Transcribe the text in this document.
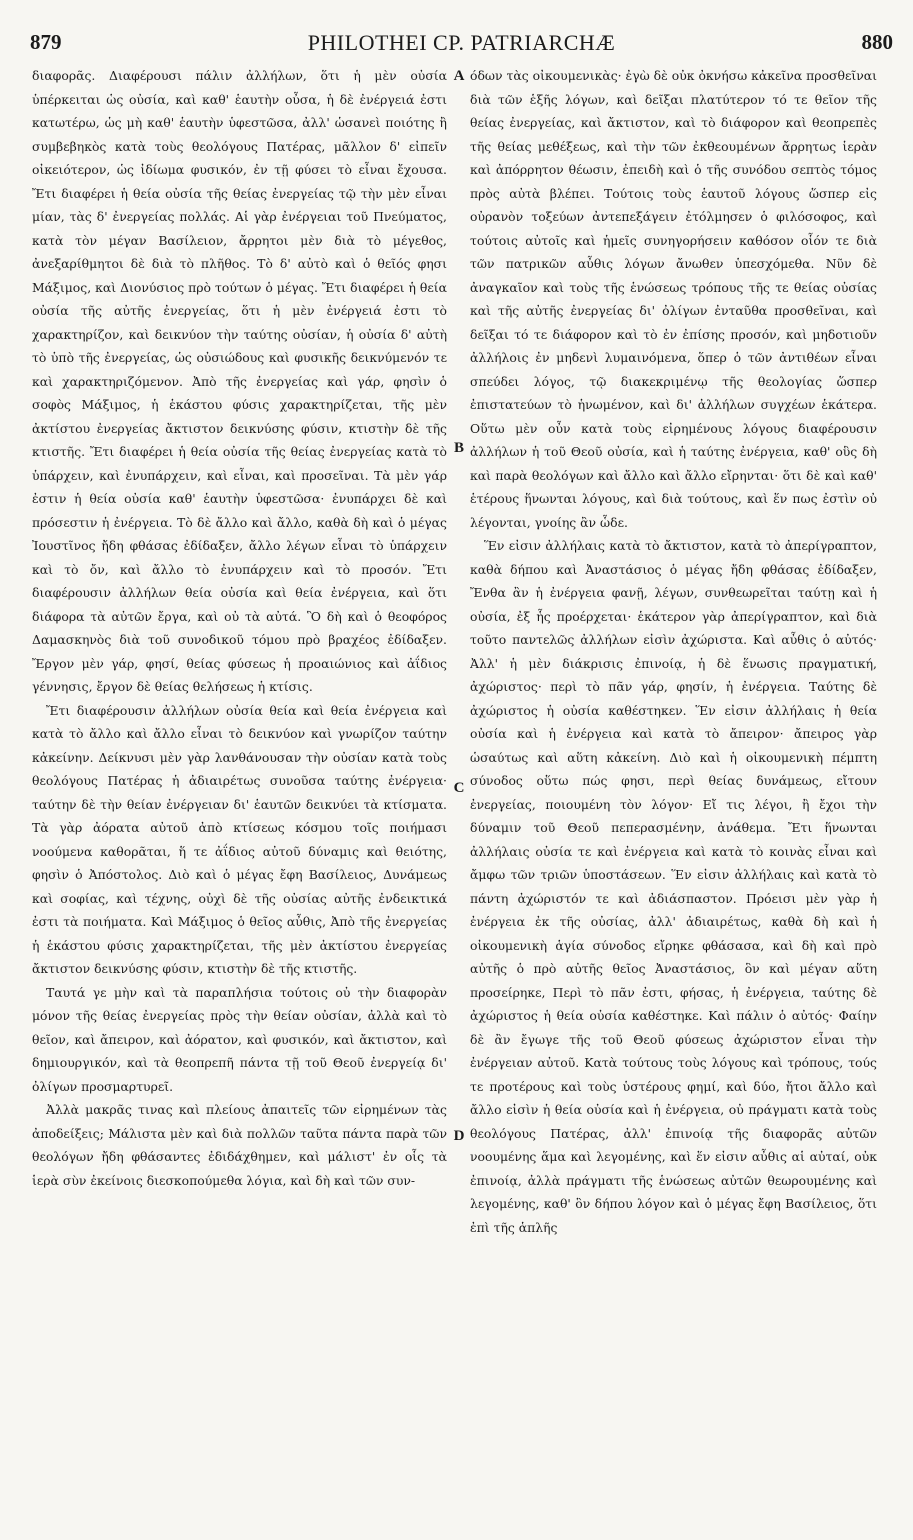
879	PHILOTHEI CP. PATRIARCHÆ	880

διαφορᾶς. Διαφέρουσι πάλιν ἀλλήλων, ὅτι ἡ μὲν οὐσία ὑπέρκειται ὡς οὐσία, καὶ καθ' ἑαυτὴν οὖσα, ἡ δὲ ἐνέργειά ἐστι κατωτέρω, ὡς μὴ καθ' ἑαυτὴν ὑφεστῶσα, ἀλλ' ὡσανεὶ ποιότης ἢ συμβεβηκὸς κατὰ τοὺς θεολόγους Πατέρας, μᾶλλον δ' εἰπεῖν οἰκειότερον, ὡς ἰδίωμα φυσικόν, ἐν τῇ φύσει τὸ εἶναι ἔχουσα. Ἔτι διαφέρει ἡ θεία οὐσία τῆς θείας ἐνεργείας τῷ τὴν μὲν εἶναι μίαν, τὰς δ' ἐνεργείας πολλάς. Αἱ γὰρ ἐνέργειαι τοῦ Πνεύματος, κατὰ τὸν μέγαν Βασίλειον, ἄρρητοι μὲν διὰ τὸ μέγεθος, ἀνεξαρίθμητοι δὲ διὰ τὸ πλῆθος. Τὸ δ' αὐτὸ καὶ ὁ θεῖός φησι Μάξιμος, καὶ Διονύσιος πρὸ τούτων ὁ μέγας. Ἔτι διαφέρει ἡ θεία οὐσία τῆς αὐτῆς ἐνεργείας, ὅτι ἡ μὲν ἐνέργειά ἐστι τὸ χαρακτηρίζον, καὶ δεικνύον τὴν ταύτης οὐσίαν, ἡ οὐσία δ' αὐτὴ τὸ ὑπὸ τῆς ἐνεργείας, ὡς οὐσιώδους καὶ φυσικῆς δεικνύμενόν τε καὶ χαρακτηριζόμενον. Ἀπὸ τῆς ἐνεργείας καὶ γάρ, φησὶν ὁ σοφὸς Μάξιμος, ἡ ἑκάστου φύσις χαρακτηρίζεται, τῆς μὲν ἀκτίστου ἐνεργείας ἄκτιστον δεικνύσης φύσιν, κτιστὴν δὲ τῆς κτιστῆς. Ἔτι διαφέρει ἡ θεία οὐσία τῆς θείας ἐνεργείας κατὰ τὸ ὑπάρχειν, καὶ ἐνυπάρχειν, καὶ εἶναι, καὶ προσεῖναι. Τὰ μὲν γάρ ἐστιν ἡ θεία οὐσία καθ' ἑαυτὴν ὑφεστῶσα· ἐνυπάρχει δὲ καὶ πρόσεστιν ἡ ἐνέργεια. Τὸ δὲ ἄλλο καὶ ἄλλο, καθὰ δὴ καὶ ὁ μέγας Ἰουστῖνος ἤδη φθάσας ἐδίδαξεν, ἄλλο λέγων εἶναι τὸ ὑπάρχειν καὶ τὸ ὄν, καὶ ἄλλο τὸ ἐνυπάρχειν καὶ τὸ προσόν. Ἔτι διαφέρουσιν ἀλλήλων θεία οὐσία καὶ θεία ἐνέργεια, καὶ ὅτι διάφορα τὰ αὐτῶν ἔργα, καὶ οὐ τὰ αὐτά. Ὃ δὴ καὶ ὁ θεοφόρος Δαμασκηνὸς διὰ τοῦ συνοδικοῦ τόμου πρὸ βραχέος ἐδίδαξεν. Ἔργον μὲν γάρ, φησί, θείας φύσεως ἡ προαιώνιος καὶ ἀΐδιος γέννησις, ἔργον δὲ θείας θελήσεως ἡ κτίσις.

Ἔτι διαφέρουσιν ἀλλήλων οὐσία θεία καὶ θεία ἐνέργεια καὶ κατὰ τὸ ἄλλο καὶ ἄλλο εἶναι τὸ δεικνύον καὶ γνωρίζον ταύτην κἀκείνην. Δείκνυσι μὲν γὰρ λανθάνουσαν τὴν οὐσίαν κατὰ τοὺς θεολόγους Πατέρας ἡ ἀδιαιρέτως συνοῦσα ταύτης ἐνέργεια· ταύτην δὲ τὴν θείαν ἐνέργειαν δι' ἑαυτῶν δεικνύει τὰ κτίσματα. Τὰ γὰρ ἀόρατα αὐτοῦ ἀπὸ κτίσεως κόσμου τοῖς ποιήμασι νοούμενα καθορᾶται, ἥ τε ἀΐδιος αὐτοῦ δύναμις καὶ θειότης, φησὶν ὁ Ἀπόστολος. Διὸ καὶ ὁ μέγας ἔφη Βασίλειος, Δυνάμεως καὶ σοφίας, καὶ τέχνης, οὐχὶ δὲ τῆς οὐσίας αὐτῆς ἐνδεικτικά ἐστι τὰ ποιήματα. Καὶ Μάξιμος ὁ θεῖος αὖθις, Ἀπὸ τῆς ἐνεργείας ἡ ἑκάστου φύσις χαρακτηρίζεται, τῆς μὲν ἀκτίστου ἐνεργείας ἄκτιστον δεικνύσης φύσιν, κτιστὴν δὲ τῆς κτιστῆς.

Ταυτά γε μὴν καὶ τὰ παραπλήσια τούτοις οὐ τὴν διαφορὰν μόνον τῆς θείας ἐνεργείας πρὸς τὴν θείαν οὐσίαν, ἀλλὰ καὶ τὸ θεῖον, καὶ ἄπειρον, καὶ ἀόρατον, καὶ φυσικόν, καὶ ἄκτιστον, καὶ δημιουργικόν, καὶ τὰ θεοπρεπῆ πάντα τῇ τοῦ Θεοῦ ἐνεργείᾳ δι' ὀλίγων προσμαρτυρεῖ.

Ἀλλὰ μακρᾶς τινας καὶ πλείους ἀπαιτεῖς τῶν εἰρημένων τὰς ἀποδείξεις; Μάλιστα μὲν καὶ διὰ πολλῶν ταῦτα πάντα παρὰ τῶν θεολόγων ἤδη φθάσαντες ἐδιδάχθημεν, καὶ μάλιστ' ἐν οἷς τὰ ἱερὰ σὺν ἐκείνοις διεσκοπούμεθα λόγια, καὶ δὴ καὶ τῶν συν-

A
B
C
D

όδων τὰς οἰκουμενικὰς· ἐγὼ δὲ οὐκ ὀκνήσω κἀκεῖνα προσθεῖναι διὰ τῶν ἑξῆς λόγων, καὶ δεῖξαι πλατύτερον τό τε θεῖον τῆς θείας ἐνεργείας, καὶ ἄκτιστον, καὶ τὸ διάφορον καὶ θεοπρεπὲς τῆς θείας μεθέξεως, καὶ τὴν τῶν ἐκθεουμένων ἄρρητως ἱερὰν καὶ ἀπόρρητον θέωσιν, ἐπειδὴ καὶ ὁ τῆς συνόδου σεπτὸς τόμος πρὸς αὐτὰ βλέπει. Τούτοις τοὺς ἑαυτοῦ λόγους ὥσπερ εἰς οὐρανὸν τοξεύων ἀντεπεξάγειν ἐτόλμησεν ὁ φιλόσοφος, καὶ τούτοις αὐτοῖς καὶ ἡμεῖς συνηγορήσειν καθόσον οἷόν τε διὰ τῶν πατρικῶν αὖθις λόγων ἄνωθεν ὑπεσχόμεθα. Νῦν δὲ ἀναγκαῖον καὶ τοὺς τῆς ἑνώσεως τρόπους τῆς τε θείας οὐσίας καὶ τῆς αὐτῆς ἐνεργείας δι' ὀλίγων ἐνταῦθα προσθεῖναι, καὶ δεῖξαι τό τε διάφορον καὶ τὸ ἐν ἐπίσης προσόν, καὶ μηδοτιοῦν ἀλλήλοις ἐν μηδενὶ λυμαινόμενα, ὅπερ ὁ τῶν ἀντιθέων εἶναι σπεύδει λόγος, τῷ διακεκριμένῳ τῆς θεολογίας ὥσπερ ἐπιστατεύων τὸ ἡνωμένον, καὶ δι' ἀλλήλων συγχέων ἑκάτερα. Οὕτω μὲν οὖν κατὰ τοὺς εἰρημένους λόγους διαφέρουσιν ἀλλήλων ἡ τοῦ Θεοῦ οὐσία, καὶ ἡ ταύτης ἐνέργεια, καθ' οὓς δὴ καὶ παρὰ θεολόγων καὶ ἄλλο καὶ ἄλλο εἴρηνται· ὅτι δὲ καὶ καθ' ἑτέρους ἥνωνται λόγους, καὶ διὰ τούτους, καὶ ἕν πως ἐστὶν οὐ λέγονται, γνοίης ἂν ὧδε.

Ἕν εἰσιν ἀλλήλαις κατὰ τὸ ἄκτιστον, κατὰ τὸ ἀπερίγραπτον, καθὰ δήπου καὶ Ἀναστάσιος ὁ μέγας ἤδη φθάσας ἐδίδαξεν, Ἔνθα ἂν ἡ ἐνέργεια φανῇ, λέγων, συνθεωρεῖται ταύτῃ καὶ ἡ οὐσία, ἐξ ἧς προέρχεται· ἑκάτερον γὰρ ἀπερίγραπτον, καὶ διὰ τοῦτο παντελῶς ἀλλήλων εἰσὶν ἀχώριστα. Καὶ αὖθις ὁ αὐτός· Ἀλλ' ἡ μὲν διάκρισις ἐπινοίᾳ, ἡ δὲ ἕνωσις πραγματική, ἀχώριστος· περὶ τὸ πᾶν γάρ, φησίν, ἡ ἐνέργεια. Ταύτης δὲ ἀχώριστος ἡ οὐσία καθέστηκεν. Ἕν εἰσιν ἀλλήλαις ἡ θεία οὐσία καὶ ἡ ἐνέργεια καὶ κατὰ τὸ ἄπειρον· ἄπειρος γὰρ ὡσαύτως καὶ αὕτη κἀκείνη. Διὸ καὶ ἡ οἰκουμενικὴ πέμπτη σύνοδος οὕτω πώς φησι, περὶ θείας δυνάμεως, εἴτουν ἐνεργείας, ποιουμένη τὸν λόγον· Εἴ τις λέγοι, ἢ ἔχοι τὴν δύναμιν τοῦ Θεοῦ πεπερασμένην, ἀνάθεμα. Ἔτι ἥνωνται ἀλλήλαις οὐσία τε καὶ ἐνέργεια καὶ κατὰ τὸ κοινὰς εἶναι καὶ ἄμφω τῶν τριῶν ὑποστάσεων. Ἕν εἰσιν ἀλλήλαις καὶ κατὰ τὸ πάντη ἀχώριστόν τε καὶ ἀδιάσπαστον. Πρόεισι μὲν γὰρ ἡ ἐνέργεια ἐκ τῆς οὐσίας, ἀλλ' ἀδιαιρέτως, καθὰ δὴ καὶ ἡ οἰκουμενικὴ ἁγία σύνοδος εἴρηκε φθάσασα, καὶ δὴ καὶ πρὸ αὐτῆς ὁ πρὸ αὐτῆς θεῖος Ἀναστάσιος, ὃν καὶ μέγαν αὕτη προσείρηκε, Περὶ τὸ πᾶν ἐστι, φήσας, ἡ ἐνέργεια, ταύτης δὲ ἀχώριστος ἡ θεία οὐσία καθέστηκε. Καὶ πάλιν ὁ αὐτός· Φαίην δὲ ἂν ἔγωγε τῆς τοῦ Θεοῦ φύσεως ἀχώριστον εἶναι τὴν ἐνέργειαν αὐτοῦ. Κατὰ τούτους τοὺς λόγους καὶ τρόπους, τούς τε προτέρους καὶ τοὺς ὑστέρους φημί, καὶ δύο, ἤτοι ἄλλο καὶ ἄλλο εἰσὶν ἡ θεία οὐσία καὶ ἡ ἐνέργεια, οὐ πράγματι κατὰ τοὺς θεολόγους Πατέρας, ἀλλ' ἐπινοίᾳ τῆς διαφορᾶς αὐτῶν νοουμένης ἅμα καὶ λεγομένης, καὶ ἕν εἰσιν αὖθις αἱ αὐταί, οὐκ ἐπινοίᾳ, ἀλλὰ πράγματι τῆς ἑνώσεως αὐτῶν θεωρουμένης καὶ λεγομένης, καθ' ὃν δήπου λόγον καὶ ὁ μέγας ἔφη Βασίλειος, ὅτι ἐπὶ τῆς ἁπλῆς
